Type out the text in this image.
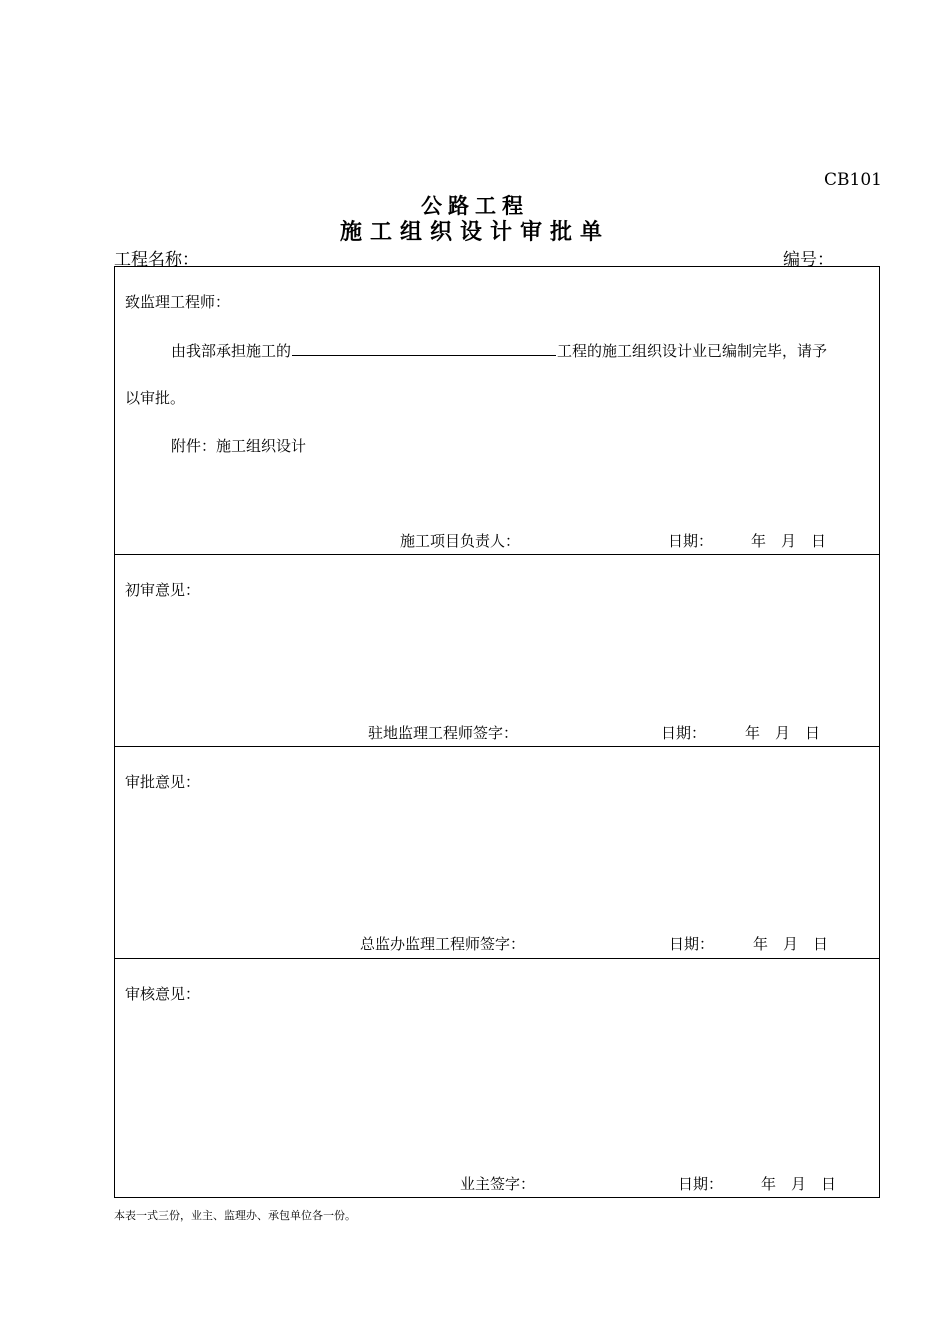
CB101
公路工程
施工组织设计审批单
工程名称：	编号：
致监理工程师：
由我部承担施工的	工程的施工组织设计业已编制完毕，请予
以审批。
附件：施工组织设计
施工项目负责人：	日期：	年　月　日
初审意见：
驻地监理工程师签字：	日期：	年　月　日
审批意见：
总监办监理工程师签字：	日期：	年　月　日
审核意见：
业主签字：	日期：	年　月　日
本表一式三份，业主、监理办、承包单位各一份。
